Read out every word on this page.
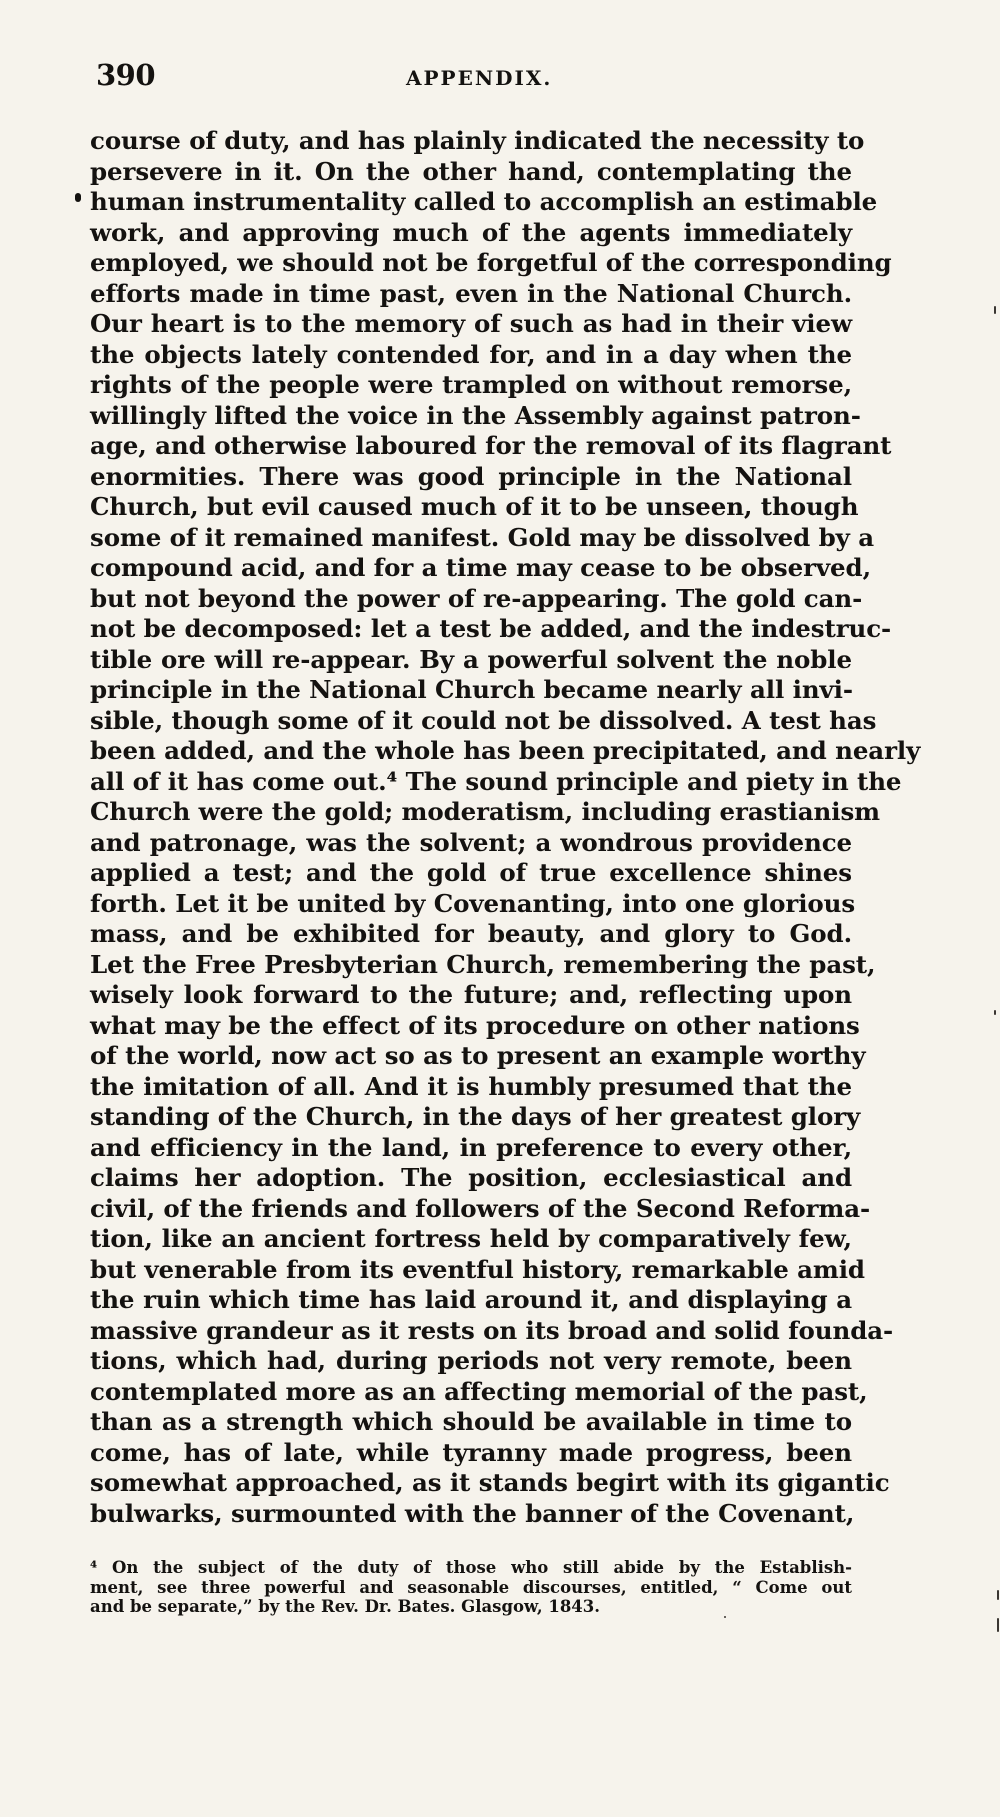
390	APPENDIX.
course of duty, and has plainly indicated the necessity to
persevere in it. On the other hand, contemplating the
human instrumentality called to accomplish an estimable
work, and approving much of the agents immediately
employed, we should not be forgetful of the corresponding
efforts made in time past, even in the National Church.
Our heart is to the memory of such as had in their view
the objects lately contended for, and in a day when the
rights of the people were trampled on without remorse,
willingly lifted the voice in the Assembly against patron-
age, and otherwise laboured for the removal of its flagrant
enormities. There was good principle in the National
Church, but evil caused much of it to be unseen, though
some of it remained manifest. Gold may be dissolved by a
compound acid, and for a time may cease to be observed,
but not beyond the power of re-appearing. The gold can-
not be decomposed: let a test be added, and the indestruc-
tible ore will re-appear. By a powerful solvent the noble
principle in the National Church became nearly all invi-
sible, though some of it could not be dissolved. A test has
been added, and the whole has been precipitated, and nearly
all of it has come out.⁴ The sound principle and piety in the
Church were the gold; moderatism, including erastianism
and patronage, was the solvent; a wondrous providence
applied a test; and the gold of true excellence shines
forth. Let it be united by Covenanting, into one glorious
mass, and be exhibited for beauty, and glory to God.
Let the Free Presbyterian Church, remembering the past,
wisely look forward to the future; and, reflecting upon
what may be the effect of its procedure on other nations
of the world, now act so as to present an example worthy
the imitation of all. And it is humbly presumed that the
standing of the Church, in the days of her greatest glory
and efficiency in the land, in preference to every other,
claims her adoption. The position, ecclesiastical and
civil, of the friends and followers of the Second Reforma-
tion, like an ancient fortress held by comparatively few,
but venerable from its eventful history, remarkable amid
the ruin which time has laid around it, and displaying a
massive grandeur as it rests on its broad and solid founda-
tions, which had, during periods not very remote, been
contemplated more as an affecting memorial of the past,
than as a strength which should be available in time to
come, has of late, while tyranny made progress, been
somewhat approached, as it stands begirt with its gigantic
bulwarks, surmounted with the banner of the Covenant,
⁴ On the subject of the duty of those who still abide by the Establish-
ment, see three powerful and seasonable discourses, entitled, “ Come out
and be separate,” by the Rev. Dr. Bates. Glasgow, 1843.
